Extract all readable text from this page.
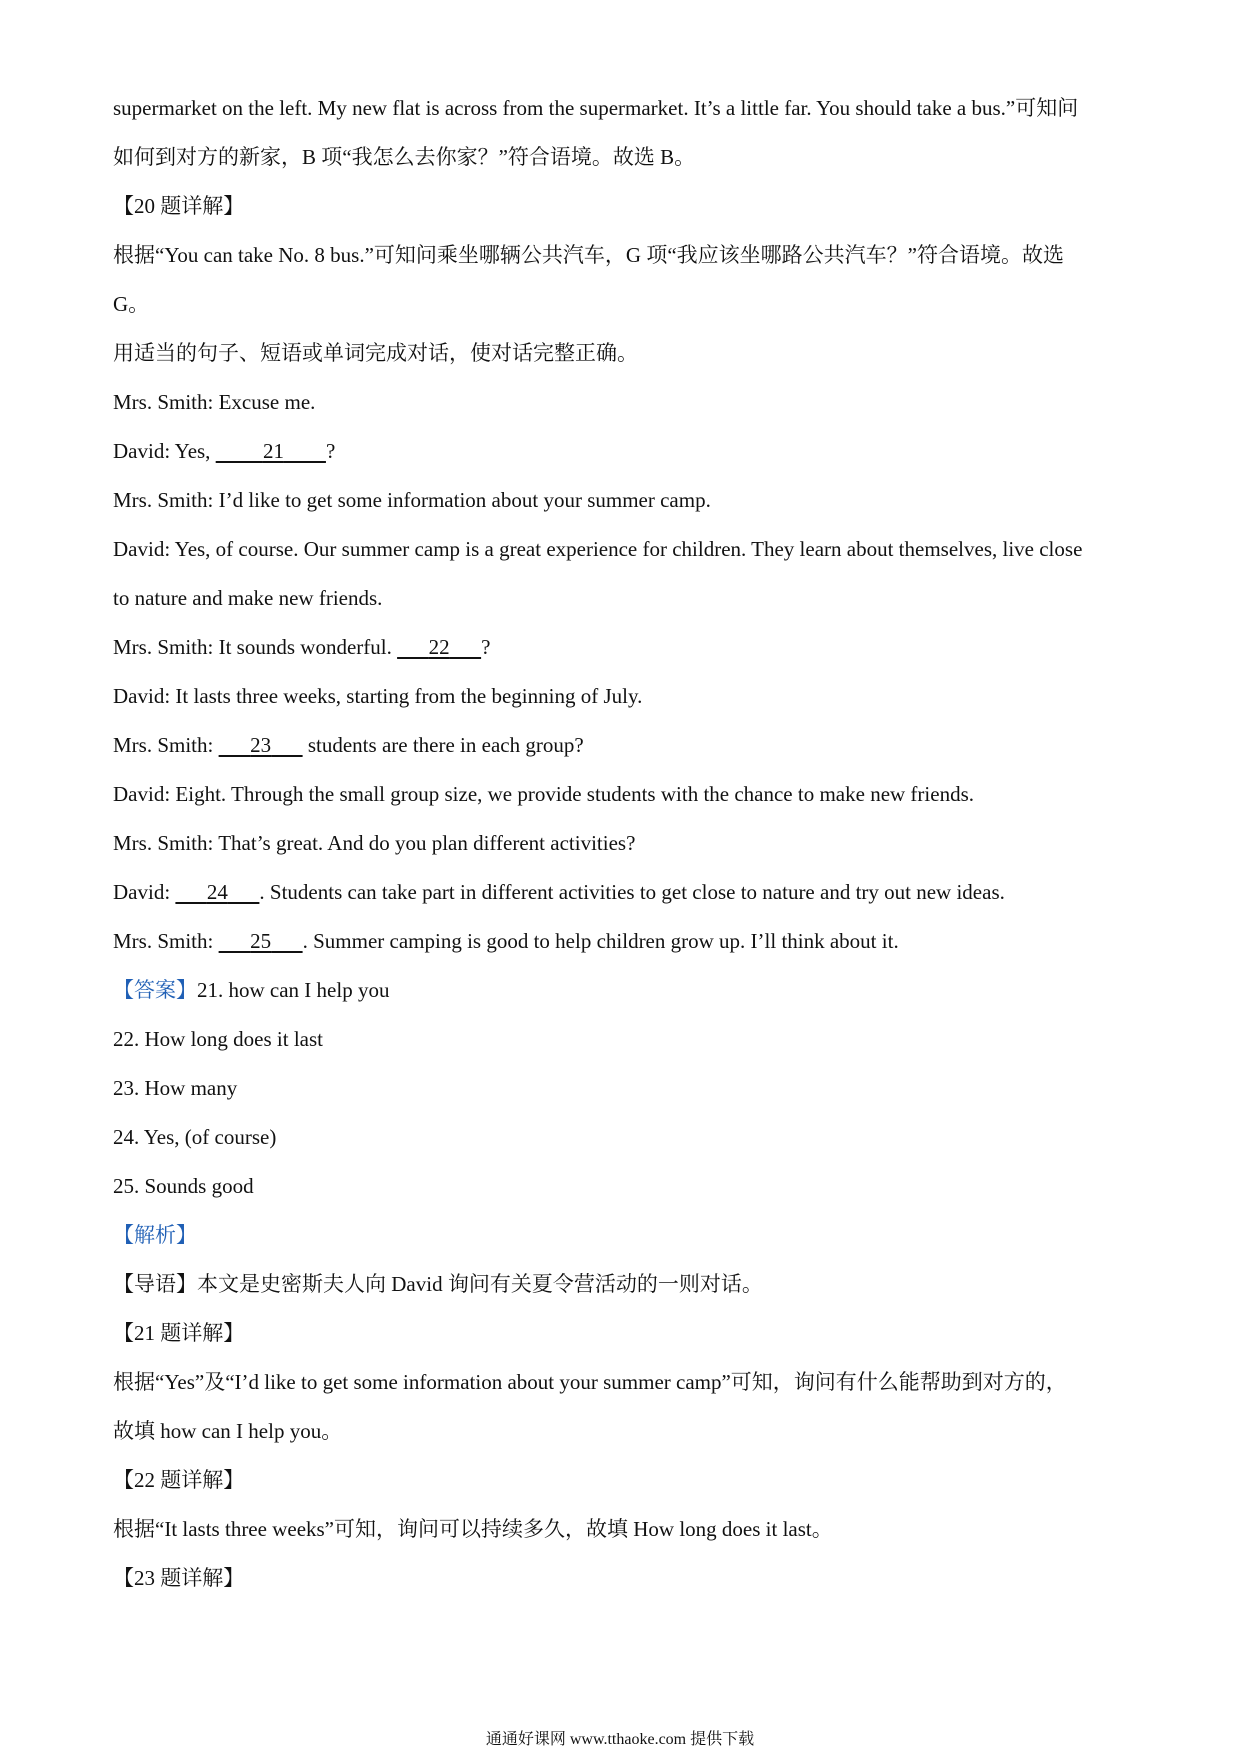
supermarket on the left. My new flat is across from the supermarket. It’s a little far. You should take a bus.”可知问
如何到对方的新家，B 项“我怎么去你家？”符合语境。故选 B。
【20 题详解】
根据“You can take No. 8 bus.”可知问乘坐哪辆公共汽车，G 项“我应该坐哪路公共汽车？”符合语境。故选
G。
用适当的句子、短语或单词完成对话，使对话完整正确。
Mrs. Smith: Excuse me.
David: Yes,          21 ?
Mrs. Smith: I’d like to get some information about your summer camp.
David: Yes, of course. Our summer camp is a great experience for children. They learn about themselves, live close
to nature and make new friends.
Mrs. Smith: It sounds wonderful.       22 ?
David: It lasts three weeks, starting from the beginning of July.
Mrs. Smith:       23       students are there in each group?
David: Eight. Through the small group size, we provide students with the chance to make new friends.
Mrs. Smith: That’s great. And do you plan different activities?
David:       24 . Students can take part in different activities to get close to nature and try out new ideas.
Mrs. Smith:       25 . Summer camping is good to help children grow up. I’ll think about it.
【答案】21. how can I help you
22. How long does it last
23. How many
24. Yes, (of course)
25. Sounds good
【解析】
【导语】本文是史密斯夫人向 David 询问有关夏令营活动的一则对话。
【21 题详解】
根据“Yes”及“I’d like to get some information about your summer camp”可知，询问有什么能帮助到对方的，
故填 how can I help you。
【22 题详解】
根据“It lasts three weeks”可知，询问可以持续多久，故填 How long does it last。
【23 题详解】
通通好课网 www.tthaoke.com 提供下载
